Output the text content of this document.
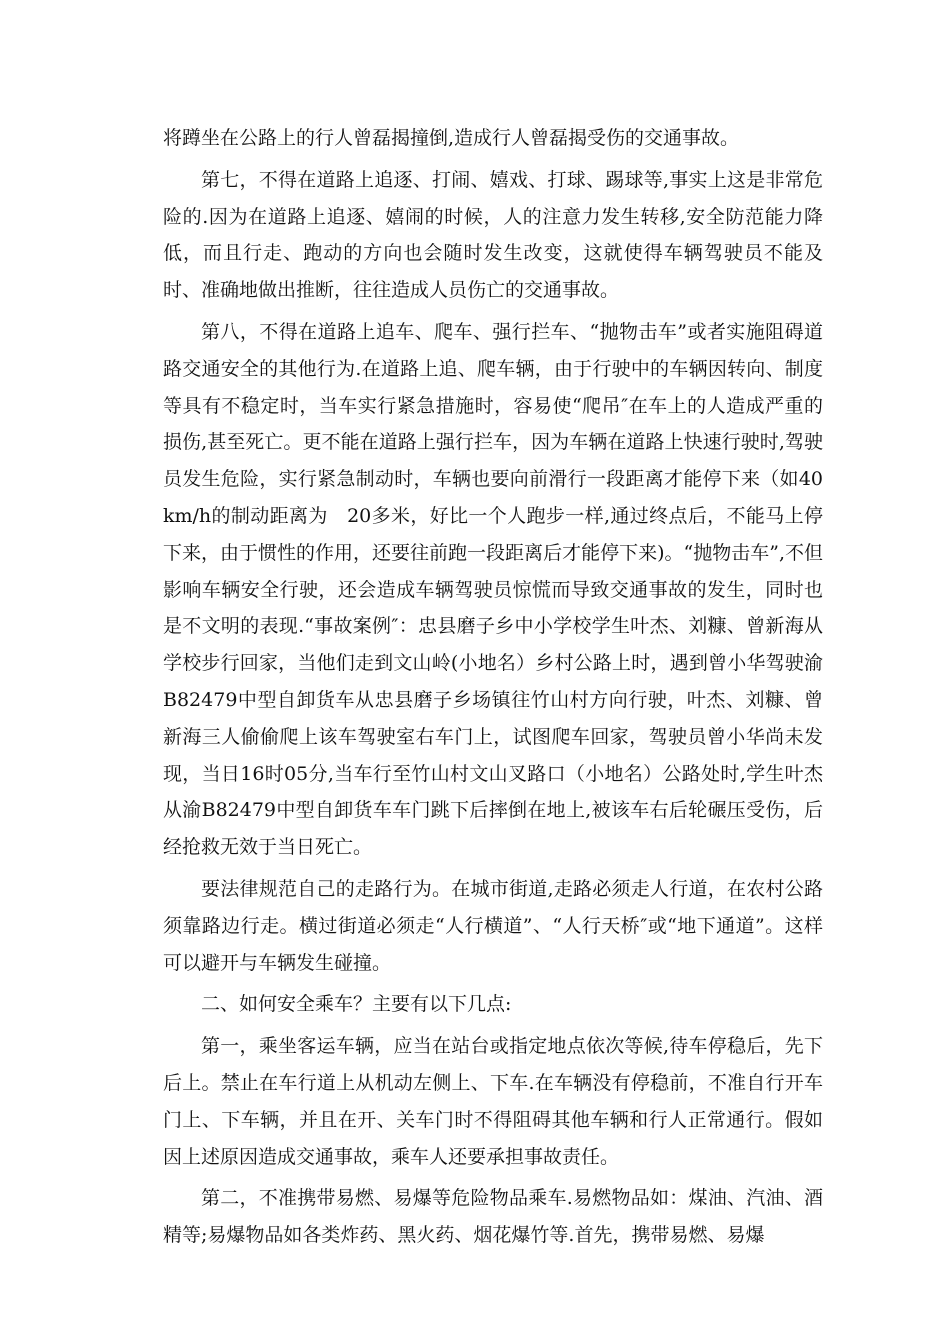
将蹲坐在公路上的行人曾磊揭撞倒,造成行人曾磊揭受伤的交通事故。

第七，不得在道路上追逐、打闹、嬉戏、打球、踢球等,事实上这是非常危险的.因为在道路上追逐、嬉闹的时候，人的注意力发生转移,安全防范能力降低，而且行走、跑动的方向也会随时发生改变，这就使得车辆驾驶员不能及时、准确地做出推断，往往造成人员伤亡的交通事故。

第八，不得在道路上追车、爬车、强行拦车、“抛物击车”或者实施阻碍道路交通安全的其他行为.在道路上追、爬车辆，由于行驶中的车辆因转向、制度等具有不稳定时，当车实行紧急措施时，容易使“爬吊″在车上的人造成严重的损伤,甚至死亡。更不能在道路上强行拦车，因为车辆在道路上快速行驶时,驾驶员发生危险，实行紧急制动时，车辆也要向前滑行一段距离才能停下来（如40km/h的制动距离为　20多米，好比一个人跑步一样,通过终点后，不能马上停下来，由于惯性的作用，还要往前跑一段距离后才能停下来)。“抛物击车”,不但影响车辆安全行驶，还会造成车辆驾驶员惊慌而导致交通事故的发生，同时也是不文明的表现.“事故案例″：忠县磨子乡中小学校学生叶杰、刘糠、曾新海从学校步行回家，当他们走到文山岭(小地名）乡村公路上时，遇到曾小华驾驶渝B82479中型自卸货车从忠县磨子乡场镇往竹山村方向行驶，叶杰、刘糠、曾新海三人偷偷爬上该车驾驶室右车门上，试图爬车回家，驾驶员曾小华尚未发现，当日16时05分,当车行至竹山村文山叉路口（小地名）公路处时,学生叶杰从渝B82479中型自卸货车车门跳下后摔倒在地上,被该车右后轮碾压受伤，后经抢救无效于当日死亡。

要法律规范自己的走路行为。在城市街道,走路必须走人行道，在农村公路须靠路边行走。横过街道必须走“人行横道”、“人行天桥″或“地下通道”。这样可以避开与车辆发生碰撞。

二、如何安全乘车？主要有以下几点:

第一，乘坐客运车辆，应当在站台或指定地点依次等候,待车停稳后，先下后上。禁止在车行道上从机动左侧上、下车.在车辆没有停稳前，不准自行开车门上、下车辆，并且在开、关车门时不得阻碍其他车辆和行人正常通行。假如因上述原因造成交通事故，乘车人还要承担事故责任。

第二，不准携带易燃、易爆等危险物品乘车.易燃物品如：煤油、汽油、酒精等;易爆物品如各类炸药、黑火药、烟花爆竹等.首先，携带易燃、易爆
